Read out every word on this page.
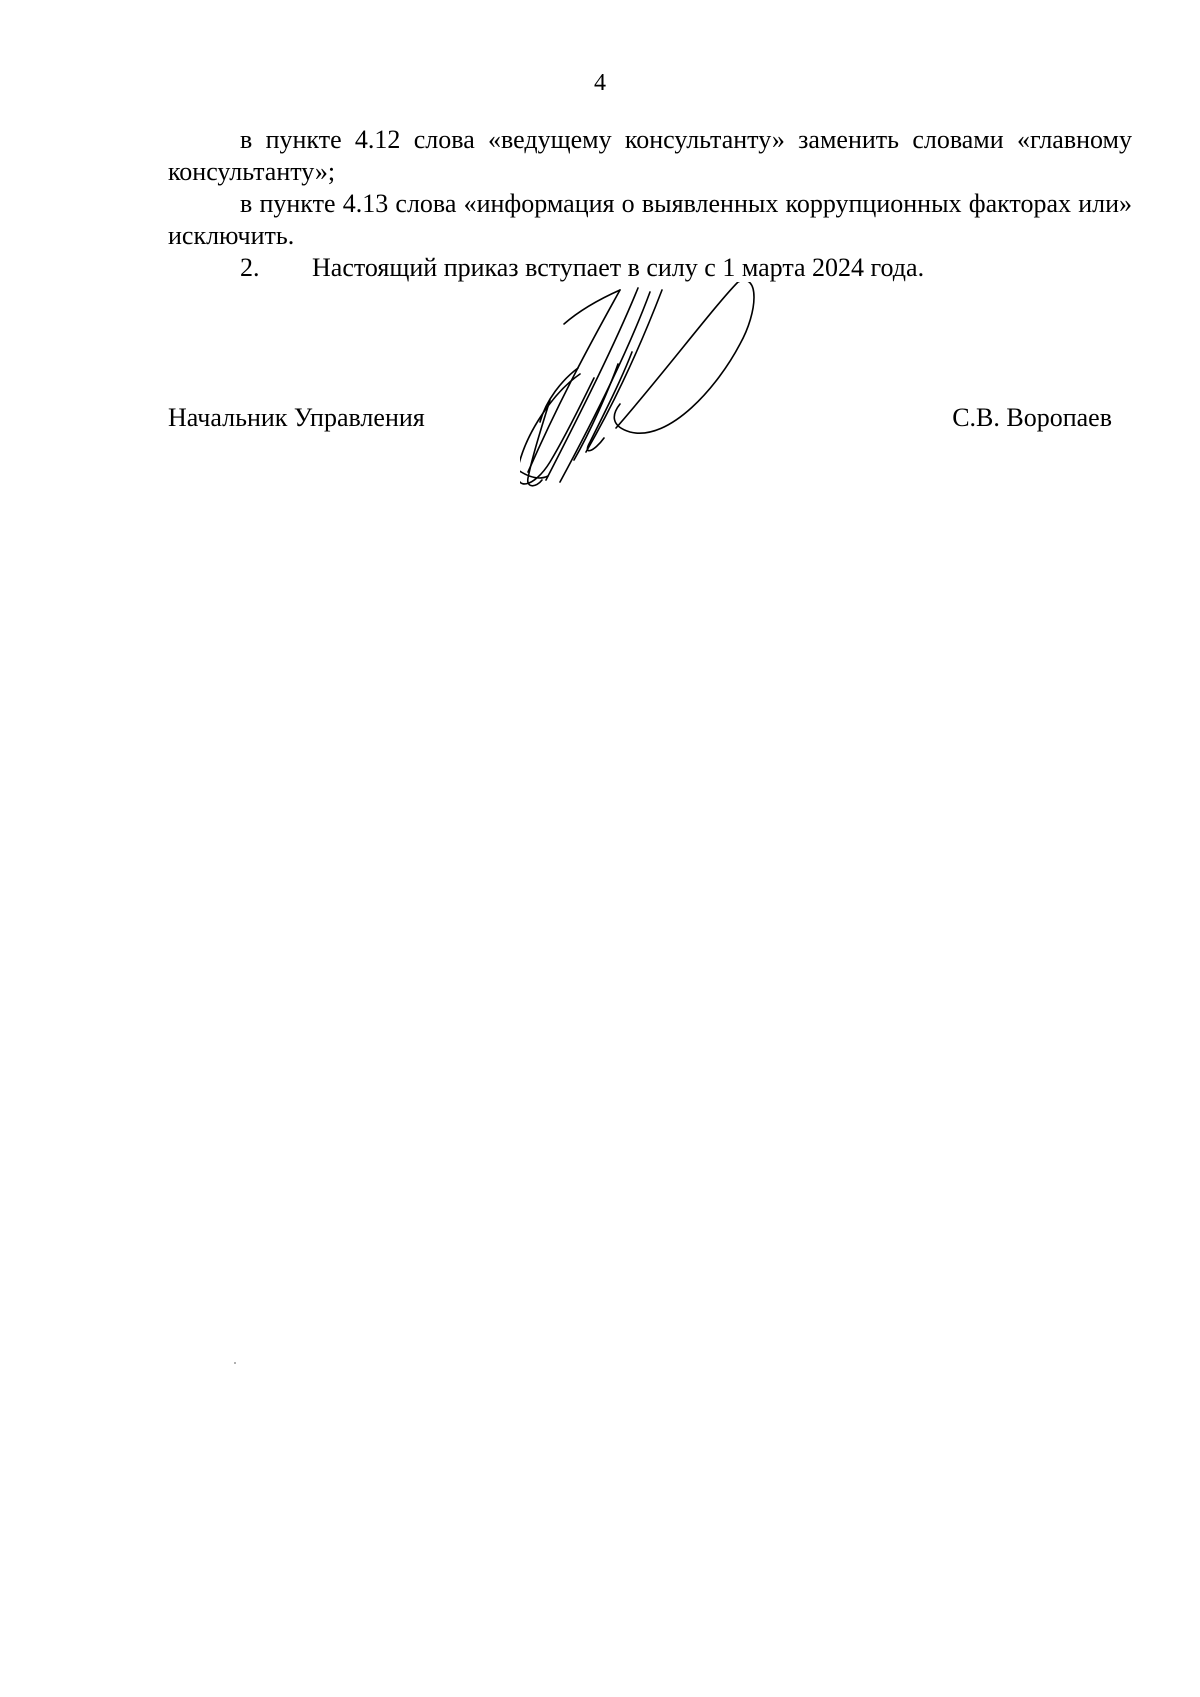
4

в пункте 4.12 слова «ведущему консультанту» заменить словами «главному консультанту»;

в пункте 4.13 слова «информация о выявленных коррупционных факторах или» исключить.

2. Настоящий приказ вступает в силу с 1 марта 2024 года.

Начальник Управления	С.В. Воропаев
